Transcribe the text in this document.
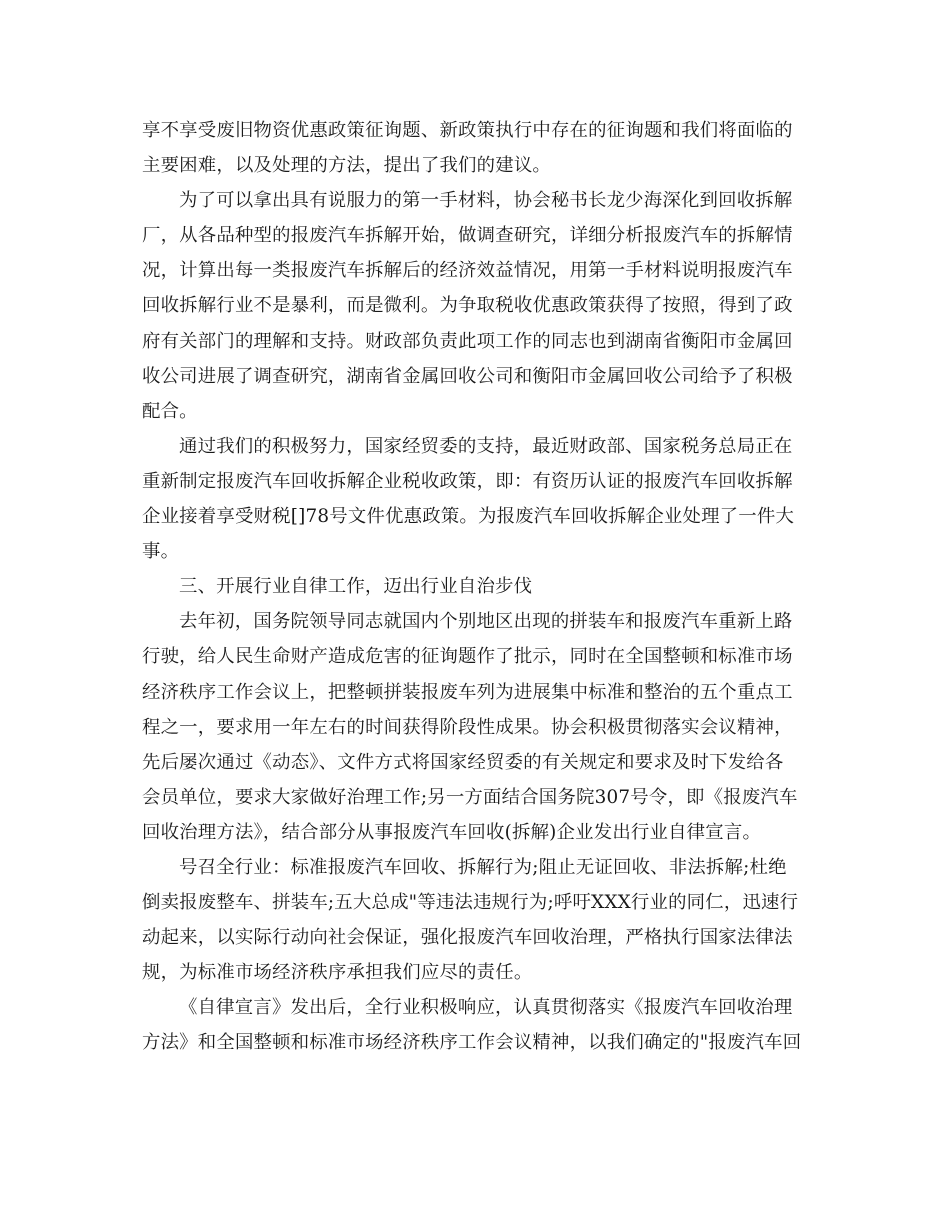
享不享受废旧物资优惠政策征询题、新政策执行中存在的征询题和我们将面临的
主要困难，以及处理的方法，提出了我们的建议。
为了可以拿出具有说服力的第一手材料，协会秘书长龙少海深化到回收拆解
厂，从各品种型的报废汽车拆解开始，做调查研究，详细分析报废汽车的拆解情
况，计算出每一类报废汽车拆解后的经济效益情况，用第一手材料说明报废汽车
回收拆解行业不是暴利，而是微利。为争取税收优惠政策获得了按照，得到了政
府有关部门的理解和支持。财政部负责此项工作的同志也到湖南省衡阳市金属回
收公司进展了调查研究，湖南省金属回收公司和衡阳市金属回收公司给予了积极
配合。
通过我们的积极努力，国家经贸委的支持，最近财政部、国家税务总局正在
重新制定报废汽车回收拆解企业税收政策，即：有资历认证的报废汽车回收拆解
企业接着享受财税[]78号文件优惠政策。为报废汽车回收拆解企业处理了一件大
事。
三、开展行业自律工作，迈出行业自治步伐
去年初，国务院领导同志就国内个别地区出现的拼装车和报废汽车重新上路
行驶，给人民生命财产造成危害的征询题作了批示，同时在全国整顿和标准市场
经济秩序工作会议上，把整顿拼装报废车列为进展集中标准和整治的五个重点工
程之一，要求用一年左右的时间获得阶段性成果。协会积极贯彻落实会议精神，
先后屡次通过《动态》、文件方式将国家经贸委的有关规定和要求及时下发给各
会员单位，要求大家做好治理工作;另一方面结合国务院307号令，即《报废汽车
回收治理方法》，结合部分从事报废汽车回收(拆解)企业发出行业自律宣言。
号召全行业：标准报废汽车回收、拆解行为;阻止无证回收、非法拆解;杜绝
倒卖报废整车、拼装车;五大总成"等违法违规行为;呼吁XXX行业的同仁，迅速行
动起来，以实际行动向社会保证，强化报废汽车回收治理，严格执行国家法律法
规，为标准市场经济秩序承担我们应尽的责任。
《自律宣言》发出后，全行业积极响应，认真贯彻落实《报废汽车回收治理
方法》和全国整顿和标准市场经济秩序工作会议精神，以我们确定的"报废汽车回
